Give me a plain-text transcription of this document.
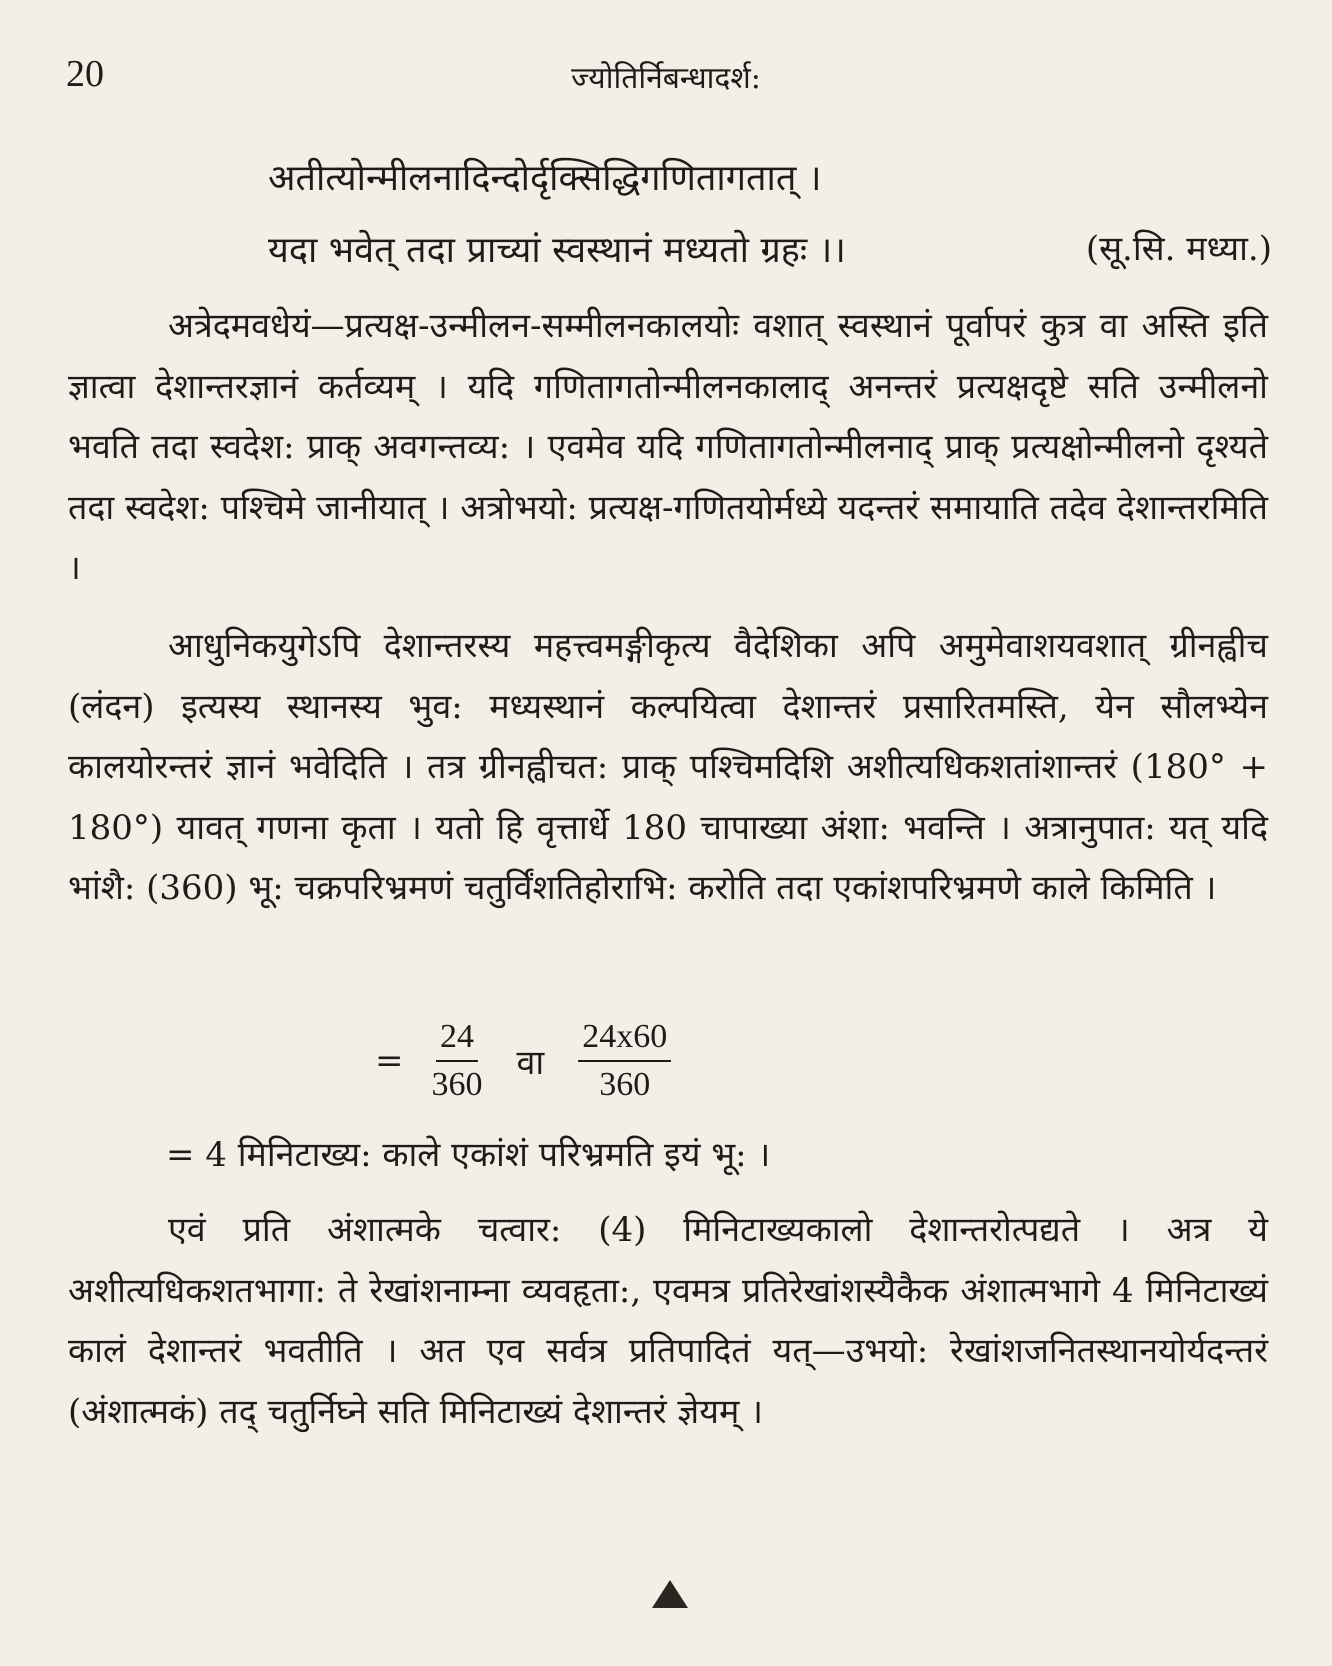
20	ज्योतिर्निबन्धादर्श:
अतीत्योन्मीलनादिन्दोर्दृक्सिद्धिगणितागतात् ।
यदा भवेत् तदा प्राच्यां स्वस्थानं मध्यतो ग्रहः ।।	(सू.सि. मध्या.)
अत्रेदमवधेयं—प्रत्यक्ष-उन्मीलन-सम्मीलनकालयोः वशात् स्वस्थानं पूर्वापरं कुत्र वा अस्ति इति ज्ञात्वा देशान्तरज्ञानं कर्तव्यम् । यदि गणितागतोन्मीलनकालाद् अनन्तरं प्रत्यक्षदृष्टे सति उन्मीलनो भवति तदा स्वदेश: प्राक् अवगन्तव्य: । एवमेव यदि गणितागतोन्मीलनाद् प्राक् प्रत्यक्षोन्मीलनो दृश्यते तदा स्वदेश: पश्चिमे जानीयात् । अत्रोभयो: प्रत्यक्ष-गणितयोर्मध्ये यदन्तरं समायाति तदेव देशान्तरमिति ।
आधुनिकयुगेऽपि देशान्तरस्य महत्त्वमङ्गीकृत्य वैदेशिका अपि अमुमेवाशयवशात् ग्रीनह्वीच (लंदन) इत्यस्य स्थानस्य भुव: मध्यस्थानं कल्पयित्वा देशान्तरं प्रसारितमस्ति, येन सौलभ्येन कालयोरन्तरं ज्ञानं भवेदिति । तत्र ग्रीनह्वीचत: प्राक् पश्चिमदिशि अशीत्यधिकशतांशान्तरं (180° + 180°) यावत् गणना कृता । यतो हि वृत्तार्धे 180 चापाख्या अंशा: भवन्ति । अत्रानुपात: यत् यदि भांशै: (360) भू: चक्रपरिभ्रमणं चतुर्विंशतिहोराभि: करोति तदा एकांशपरिभ्रमणे काले किमिति ।
= $\frac{24}{360}$ वा $\frac{24x60}{360}$
= 4 मिनिटाख्य: काले एकांशं परिभ्रमति इयं भू: ।
एवं प्रति अंशात्मके चत्वार: (4) मिनिटाख्यकालो देशान्तरोत्पद्यते । अत्र ये अशीत्यधिकशतभागा: ते रेखांशनाम्ना व्यवहृता:, एवमत्र प्रतिरेखांशस्यैकैक अंशात्मभागे 4 मिनिटाख्यं कालं देशान्तरं भवतीति । अत एव सर्वत्र प्रतिपादितं यत्—उभयो: रेखांशजनितस्थानयोर्यदन्तरं (अंशात्मकं) तद् चतुर्निघ्ने सति मिनिटाख्यं देशान्तरं ज्ञेयम् ।
